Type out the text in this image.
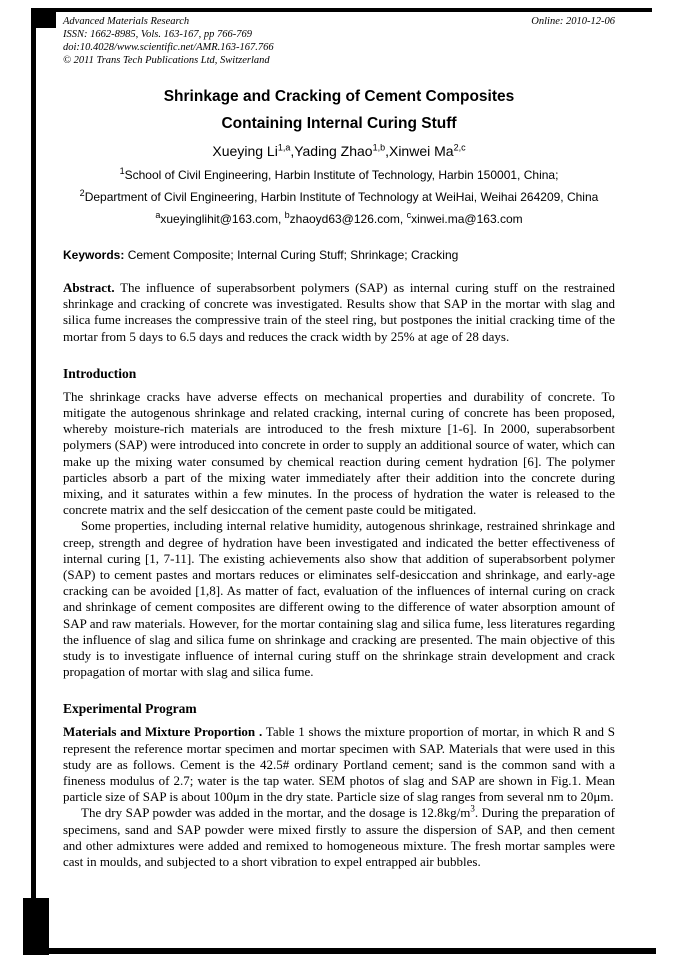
Advanced Materials Research	Online: 2010-12-06
ISSN: 1662-8985, Vols. 163-167, pp 766-769
doi:10.4028/www.scientific.net/AMR.163-167.766
© 2011 Trans Tech Publications Ltd, Switzerland
Shrinkage and Cracking of Cement Composites
Containing Internal Curing Stuff
Xueying Li$^{1,a}$,Yading Zhao$^{1,b}$,Xinwei Ma$^{2,c}$
$^1$School of Civil Engineering, Harbin Institute of Technology, Harbin 150001, China;
$^2$Department of Civil Engineering, Harbin Institute of Technology at WeiHai, Weihai 264209, China
$^a$xueyinglihit@163.com, $^b$zhaoyd63@126.com, $^c$xinwei.ma@163.com
Keywords: Cement Composite; Internal Curing Stuff; Shrinkage; Cracking

Abstract. The influence of superabsorbent polymers (SAP) as internal curing stuff on the restrained shrinkage and cracking of concrete was investigated. Results show that SAP in the mortar with slag and silica fume increases the compressive train of the steel ring, but postpones the initial cracking time of the mortar from 5 days to 6.5 days and reduces the crack width by 25% at age of 28 days.

Introduction

The shrinkage cracks have adverse effects on mechanical properties and durability of concrete. To mitigate the autogenous shrinkage and related cracking, internal curing of concrete has been proposed, whereby moisture-rich materials are introduced to the fresh mixture [1-6]. In 2000, superabsorbent polymers (SAP) were introduced into concrete in order to supply an additional source of water, which can make up the mixing water consumed by chemical reaction during cement hydration [6]. The polymer particles absorb a part of the mixing water immediately after their addition into the concrete during mixing, and it saturates within a few minutes. In the process of hydration the water is released to the concrete matrix and the self desiccation of the cement paste could be mitigated.

Some properties, including internal relative humidity, autogenous shrinkage, restrained shrinkage and creep, strength and degree of hydration have been investigated and indicated the better effectiveness of internal curing [1, 7-11]. The existing achievements also show that addition of superabsorbent polymer (SAP) to cement pastes and mortars reduces or eliminates self-desiccation and shrinkage, and early-age cracking can be avoided [1,8]. As matter of fact, evaluation of the influences of internal curing on crack and shrinkage of cement composites are different owing to the difference of water absorption amount of SAP and raw materials. However, for the mortar containing slag and silica fume, less literatures regarding the influence of slag and silica fume on shrinkage and cracking are presented. The main objective of this study is to investigate influence of internal curing stuff on the shrinkage strain development and crack propagation of mortar with slag and silica fume.

Experimental Program

Materials and Mixture Proportion . Table 1 shows the mixture proportion of mortar, in which R and S represent the reference mortar specimen and mortar specimen with SAP. Materials that were used in this study are as follows. Cement is the 42.5# ordinary Portland cement; sand is the common sand with a fineness modulus of 2.7; water is the tap water. SEM photos of slag and SAP are shown in Fig.1. Mean particle size of SAP is about 100μm in the dry state. Particle size of slag ranges from several nm to 20μm.

The dry SAP powder was added in the mortar, and the dosage is $12.8kg/m^3$. During the preparation of specimens, sand and SAP powder were mixed firstly to assure the dispersion of SAP, and then cement and other admixtures were added and remixed to homogeneous mixture. The fresh mortar samples were cast in moulds, and subjected to a short vibration to expel entrapped air bubbles.
